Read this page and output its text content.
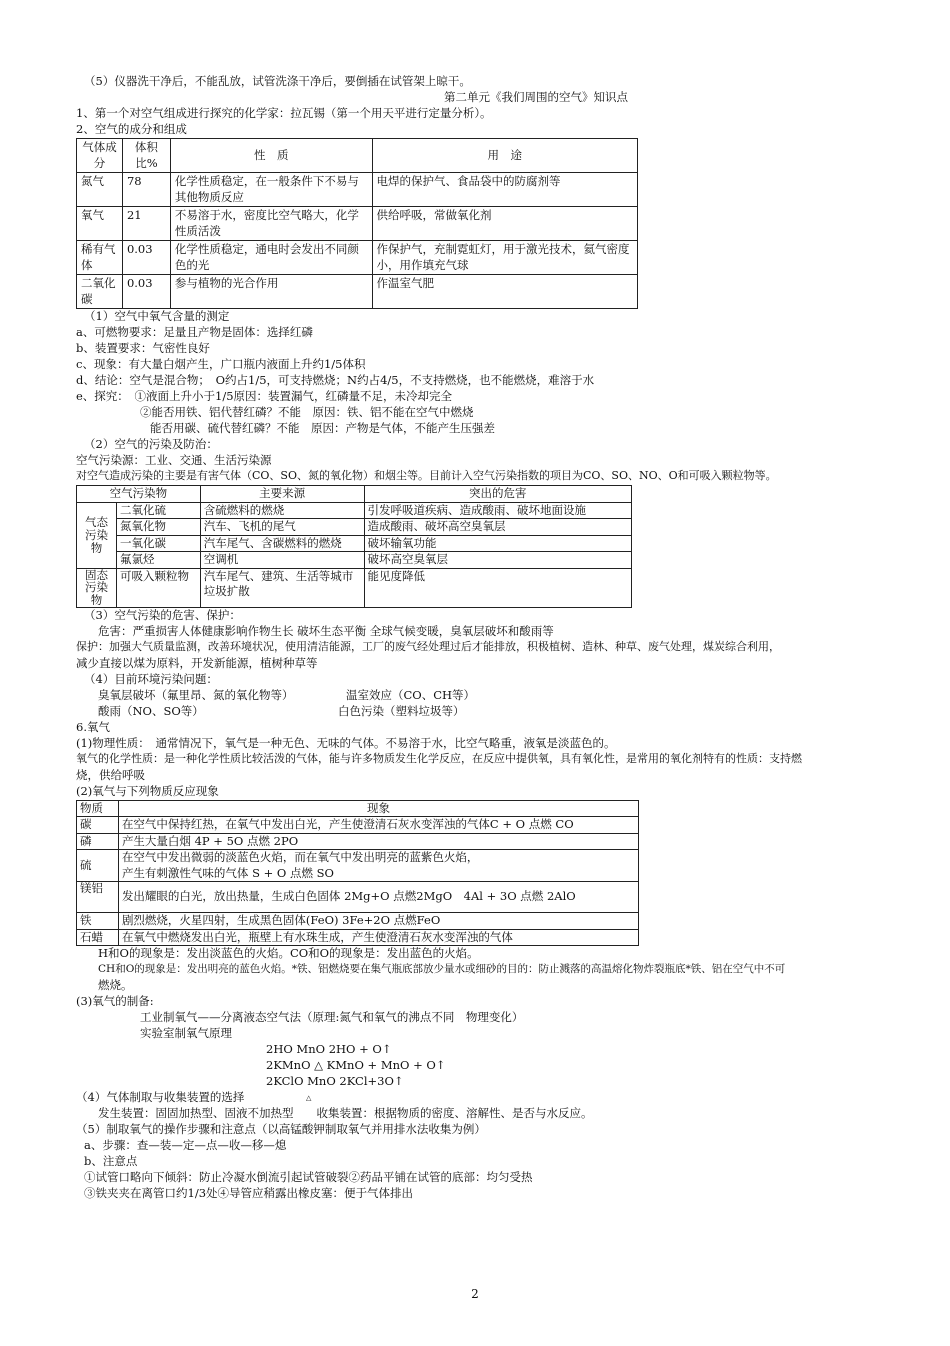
（5）仪器洗干净后，不能乱放，试管洗涤干净后，要倒插在试管架上晾干。
第二单元《我们周围的空气》知识点
1、第一个对空气组成进行探究的化学家：拉瓦锡（第一个用天平进行定量分析）。
2、空气的成分和组成
气体成分	体积比%	性　质	用　途
氮气	78	化学性质稳定，在一般条件下不易与其他物质反应	电焊的保护气、食品袋中的防腐剂等
氧气	21	不易溶于水，密度比空气略大，化学性质活泼	供给呼吸，常做氧化剂
稀有气体	0.03	化学性质稳定，通电时会发出不同颜色的光	作保护气，充制霓虹灯，用于激光技术，氦气密度小，用作填充气球
二氧化碳	0.03	参与植物的光合作用	作温室气肥
（1）空气中氧气含量的测定
a、可燃物要求：足量且产物是固体：选择红磷
b、装置要求：气密性良好
c、现象：有大量白烟产生，广口瓶内液面上升约1/5体积
d、结论：空气是混合物；　O约占1/5，可支持燃烧；N约占4/5，不支持燃烧，也不能燃烧，难溶于水
e、探究：　①液面上升小于1/5原因：装置漏气，红磷量不足，未冷却完全
②能否用铁、铝代替红磷？不能　原因：铁、铝不能在空气中燃烧
能否用碳、硫代替红磷？不能　原因：产物是气体，不能产生压强差
（2）空气的污染及防治：
空气污染源：工业、交通、生活污染源
对空气造成污染的主要是有害气体（CO、SO、氮的氧化物）和烟尘等。目前计入空气污染指数的项目为CO、SO、NO、O和可吸入颗粒物等。
空气污染物		主要来源	突出的危害
气态污染物	二氧化硫	含硫燃料的燃烧	引发呼吸道疾病、造成酸雨、破坏地面设施
	氮氧化物	汽车、飞机的尾气	造成酸雨、破坏高空臭氧层
	一氧化碳	汽车尾气、含碳燃料的燃烧	破坏输氧功能
	氟氯烃	空调机	破坏高空臭氧层
固态污染物	可吸入颗粒物	汽车尾气、建筑、生活等城市垃圾扩散	能见度降低
（3）空气污染的危害、保护：
危害：严重损害人体健康影响作物生长 破坏生态平衡 全球气候变暖，臭氧层破坏和酸雨等
保护：加强大气质量监测，改善环境状况，使用清洁能源，工厂的废气经处理过后才能排放，积极植树、造林、种草、废气处理，煤炭综合利用，
减少直接以煤为原料，开发新能源，植树种草等
（4）目前环境污染问题：
臭氧层破坏（氟里昂、氮的氧化物等）	温室效应（CO、CH等）
酸雨（NO、SO等）	白色污染（塑料垃圾等）
6.氧气
(1)物理性质：　通常情况下，氧气是一种无色、无味的气体。不易溶于水，比空气略重，液氧是淡蓝色的。
氧气的化学性质：是一种化学性质比较活泼的气体，能与许多物质发生化学反应，在反应中提供氧，具有氧化性，是常用的氧化剂特有的性质：支持燃
烧，供给呼吸
(2)氧气与下列物质反应现象
物质	现象
碳	在空气中保持红热，在氧气中发出白光，产生使澄清石灰水变浑浊的气体C + O 点燃 CO
磷	产生大量白烟 4P + 5O 点燃 2PO
硫	在空气中发出微弱的淡蓝色火焰，而在氧气中发出明亮的蓝紫色火焰，
产生有刺激性气味的气体 S + O 点燃 SO

镁铝	发出耀眼的白光，放出热量，生成白色固体 2Mg+O 点燃2MgO　4Al + 3O 点燃 2AlO
铁	剧烈燃烧，火星四射，生成黑色固体(FeO) 3Fe+2O 点燃FeO
石蜡	在氧气中燃烧发出白光，瓶壁上有水珠生成，产生使澄清石灰水变浑浊的气体
H和O的现象是：发出淡蓝色的火焰。CO和O的现象是：发出蓝色的火焰。
CH和O的现象是：发出明亮的蓝色火焰。*铁、铝燃烧要在集气瓶底部放少量水或细砂的目的：防止溅落的高温熔化物炸裂瓶底*铁、铝在空气中不可
燃烧。
(3)氧气的制备:
工业制氧气——分离液态空气法（原理:氮气和氧气的沸点不同　物理变化）
实验室制氧气原理
2HO MnO 2HO + O↑
2KMnO △ KMnO + MnO + O↑
2KClO MnO 2KCl+3O↑
（4）气体制取与收集装置的选择	△
发生装置：固固加热型、固液不加热型　　收集装置：根据物质的密度、溶解性、是否与水反应。
（5）制取氧气的操作步骤和注意点（以高锰酸钾制取氧气并用排水法收集为例）
a、步骤：查—装—定—点—收—移—熄
b、注意点
①试管口略向下倾斜：防止冷凝水倒流引起试管破裂②药品平铺在试管的底部：均匀受热
③铁夹夹在离管口约1/3处④导管应稍露出橡皮塞：便于气体排出
2
